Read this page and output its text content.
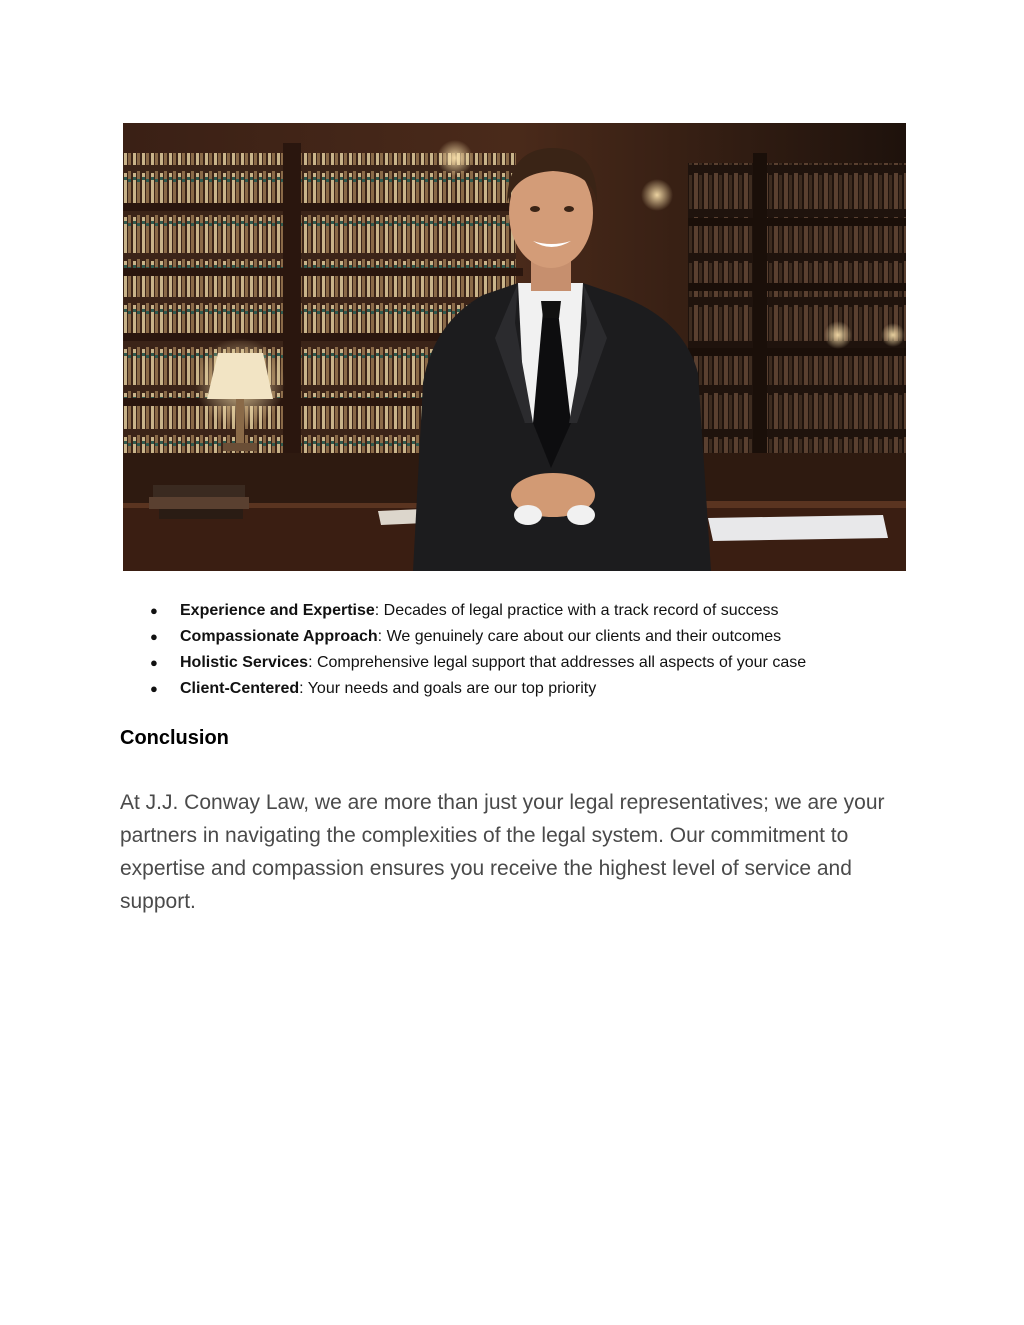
● Experience and Expertise: Decades of legal practice with a track record of success
● Compassionate Approach: We genuinely care about our clients and their outcomes
● Holistic Services: Comprehensive legal support that addresses all aspects of your case
● Client-Centered: Your needs and goals are our top priority
Conclusion

At J.J. Conway Law, we are more than just your legal representatives; we are your partners in navigating the complexities of the legal system. Our commitment to expertise and compassion ensures you receive the highest level of service and support.
